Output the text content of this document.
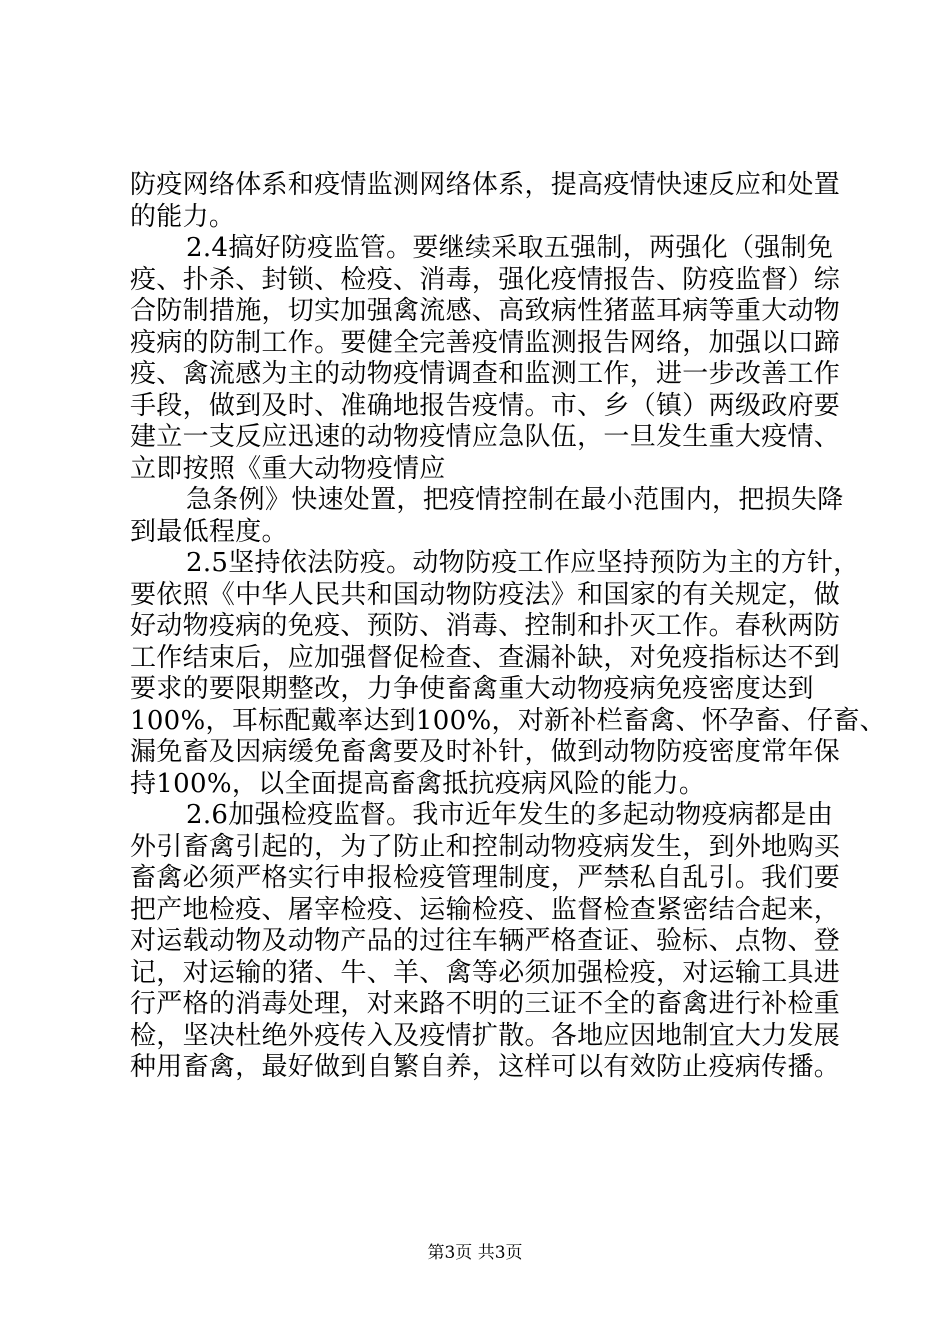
防疫网络体系和疫情监测网络体系，提高疫情快速反应和处置
的能力。
2.4搞好防疫监管。要继续采取五强制，两强化（强制免
疫、扑杀、封锁、检疫、消毒，强化疫情报告、防疫监督）综
合防制措施，切实加强禽流感、高致病性猪蓝耳病等重大动物
疫病的防制工作。要健全完善疫情监测报告网络，加强以口蹄
疫、禽流感为主的动物疫情调查和监测工作，进一步改善工作
手段，做到及时、准确地报告疫情。市、乡（镇）两级政府要
建立一支反应迅速的动物疫情应急队伍，一旦发生重大疫情、
立即按照《重大动物疫情应
急条例》快速处置，把疫情控制在最小范围内，把损失降
到最低程度。
2.5坚持依法防疫。动物防疫工作应坚持预防为主的方针，
要依照《中华人民共和国动物防疫法》和国家的有关规定，做
好动物疫病的免疫、预防、消毒、控制和扑灭工作。春秋两防
工作结束后，应加强督促检查、查漏补缺，对免疫指标达不到
要求的要限期整改，力争使畜禽重大动物疫病免疫密度达到
100%，耳标配戴率达到100%，对新补栏畜禽、怀孕畜、仔畜、
漏免畜及因病缓免畜禽要及时补针，做到动物防疫密度常年保
持100%，以全面提高畜禽抵抗疫病风险的能力。
2.6加强检疫监督。我市近年发生的多起动物疫病都是由
外引畜禽引起的，为了防止和控制动物疫病发生，到外地购买
畜禽必须严格实行申报检疫管理制度，严禁私自乱引。我们要
把产地检疫、屠宰检疫、运输检疫、监督检查紧密结合起来，
对运载动物及动物产品的过往车辆严格查证、验标、点物、登
记，对运输的猪、牛、羊、禽等必须加强检疫，对运输工具进
行严格的消毒处理，对来路不明的三证不全的畜禽进行补检重
检，坚决杜绝外疫传入及疫情扩散。各地应因地制宜大力发展
种用畜禽，最好做到自繁自养，这样可以有效防止疫病传播。
第3页 共3页
